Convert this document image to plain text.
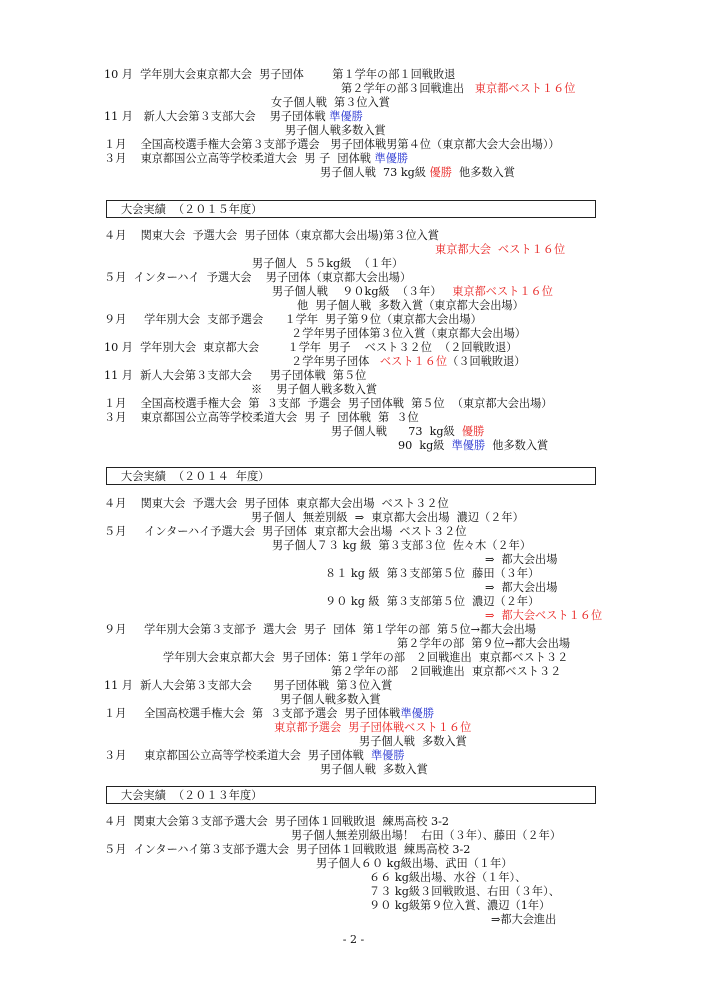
10 月  学年別大会東京都大会  男子団体        第１学年の部１回戦敗退
第２学年の部３回戦進出 東京都ベスト１６位
女子個人戦  第３位入賞
11 月   新人大会第３支部大会    男子団体戦 準優勝
男子個人戦多数入賞
１月    全国高校選手権大会第３支部予選会   男子団体戦男第４位（東京都大会大会出場））
３月    東京都国公立高等学校柔道大会  男 子  団体戦 準優勝
男子個人戦  73 kg級 優勝  他多数入賞
大会実績  （２０１５年度）
４月    関東大会  予選大会  男子団体（東京都大会出場)第３位入賞
東京都大会  ベスト１６位
男子個人  ５５kg級  （１年）
５月  インターハイ  予選大会    男子団体（東京都大会出場）
男子個人戦    ９０kg級  （３年）   東京都ベスト１６位
他  男子個人戦  多数入賞（東京都大会出場）
９月     学年別大会  支部予選会      １学年  男子第９位（東京都大会出場）
２学年男子団体第３位入賞（東京都大会出場）
10 月  学年別大会  東京都大会        １学年  男子    ベスト３２位  （２回戦敗退）
２学年男子団体   ベスト１６位（３回戦敗退）
11 月  新人大会第３支部大会     男子団体戦  第５位
※    男子個人戦多数入賞
１月    全国高校選手権大会  第  ３支部  予選会  男子団体戦  第５位  （東京都大会出場）
３月    東京都国公立高等学校柔道大会  男 子  団体戦  第  ３位
男子個人戦      73  kg級  優勝
90  kg級  準優勝  他多数入賞
大会実績  （２０１４  年度）
４月    関東大会  予選大会  男子団体  東京都大会出場  ベスト３２位
男子個人  無差別級  ⇒  東京都大会出場  濃辺（２年）
５月     インターハイ予選大会  男子団体  東京都大会出場  ベスト３２位
男子個人７３ kg 級  第３支部３位  佐々木（２年）
⇒  都大会出場
８１ kg 級  第３支部第５位  藤田（３年）
⇒  都大会出場
９０ kg 級  第３支部第５位  濃辺（２年）
⇒  都大会ベスト１６位
９月     学年別大会第３支部予  選大会  男子  団体  第１学年の部  第５位→都大会出場
第２学年の部  第９位→都大会出場
学年別大会東京都大会  男子団体：第１学年の部   ２回戦進出  東京都ベスト３２
第２学年の部   ２回戦進出  東京都ベスト３２
11 月  新人大会第３支部大会      男子団体戦  第３位入賞
男子個人戦多数入賞
１月     全国高校選手権大会  第  ３支部予選会  男子団体戦準優勝
東京都予選会  男子団体戦ベスト１６位
男子個人戦  多数入賞
３月     東京都国公立高等学校柔道大会  男子団体戦  準優勝
男子個人戦  多数入賞
大会実績  （２０１３年度）
４月  関東大会第３支部予選大会  男子団体１回戦敗退  練馬高校 3-2
男子個人無差別級出場！  右田（３年）、藤田（２年）
５月  インターハイ第３支部予選大会  男子団体１回戦敗退  練馬高校 3-2
男子個人６０ kg級出場、武田（１年）
６６ kg級出場、水谷（１年）、
７３ kg級３回戦敗退、右田（３年）、
９０ kg級第９位入賞、濃辺（1年）
⇒都大会進出
- 2 -
